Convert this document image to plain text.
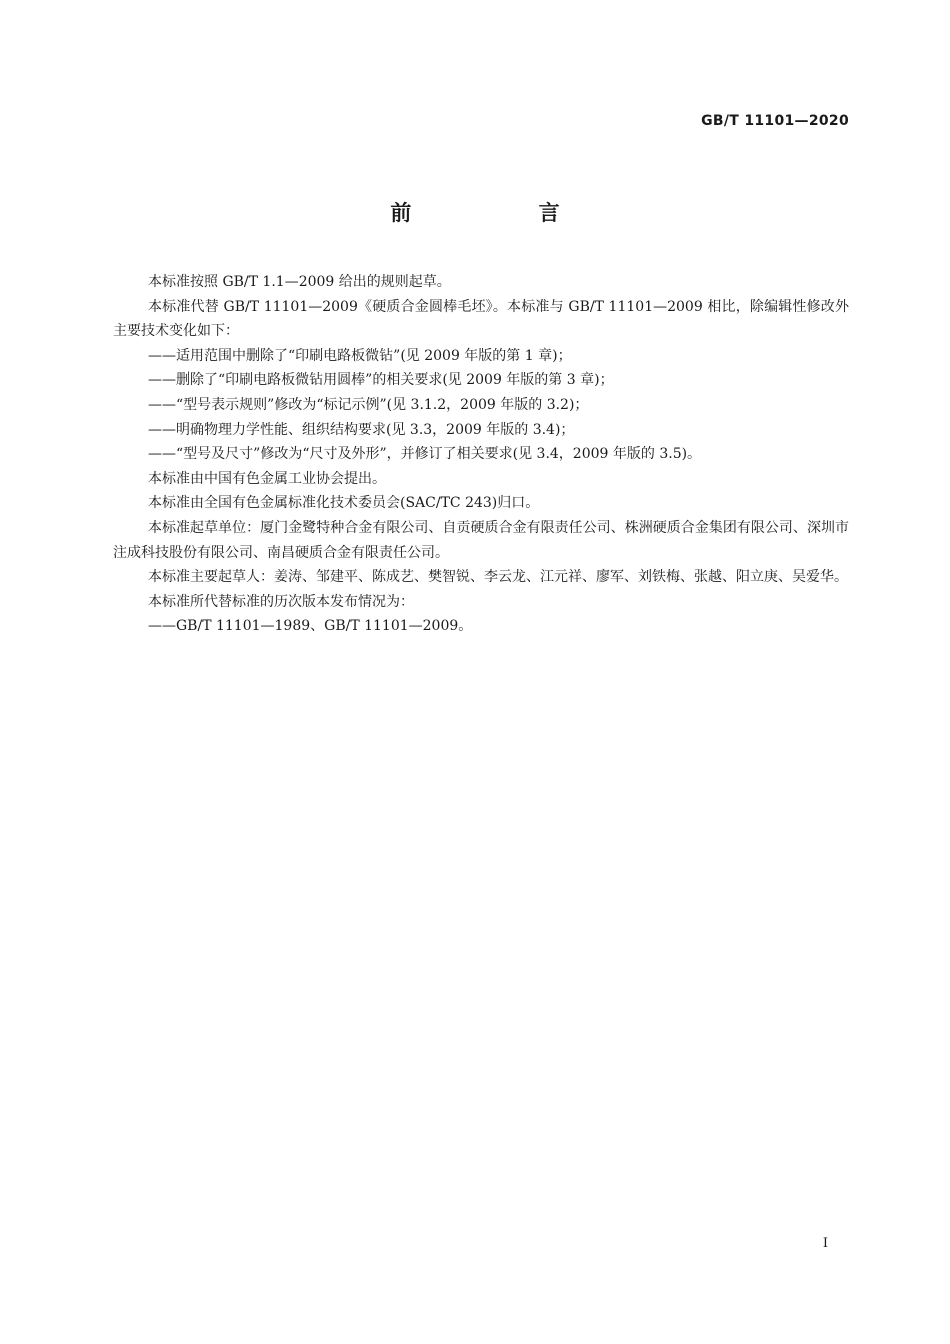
GB/T 11101—2020
前 言

本标准按照 GB/T 1.1—2009 给出的规则起草。

本标准代替 GB/T 11101—2009《硬质合金圆棒毛坯》。本标准与 GB/T 11101—2009 相比，除编辑性修改外主要技术变化如下：

——适用范围中删除了“印刷电路板微钻”(见 2009 年版的第 1 章)；

——删除了“印刷电路板微钻用圆棒”的相关要求(见 2009 年版的第 3 章)；

——“型号表示规则”修改为“标记示例”(见 3.1.2，2009 年版的 3.2)；

——明确物理力学性能、组织结构要求(见 3.3，2009 年版的 3.4)；

——“型号及尺寸”修改为“尺寸及外形”，并修订了相关要求(见 3.4，2009 年版的 3.5)。

本标准由中国有色金属工业协会提出。

本标准由全国有色金属标准化技术委员会(SAC/TC 243)归口。

本标准起草单位：厦门金鹭特种合金有限公司、自贡硬质合金有限责任公司、株洲硬质合金集团有限公司、深圳市注成科技股份有限公司、南昌硬质合金有限责任公司。

本标准主要起草人：姜涛、邹建平、陈成艺、樊智锐、李云龙、江元祥、廖军、刘铁梅、张越、阳立庚、吴爱华。

本标准所代替标准的历次版本发布情况为：

——GB/T 11101—1989、GB/T 11101—2009。

I
